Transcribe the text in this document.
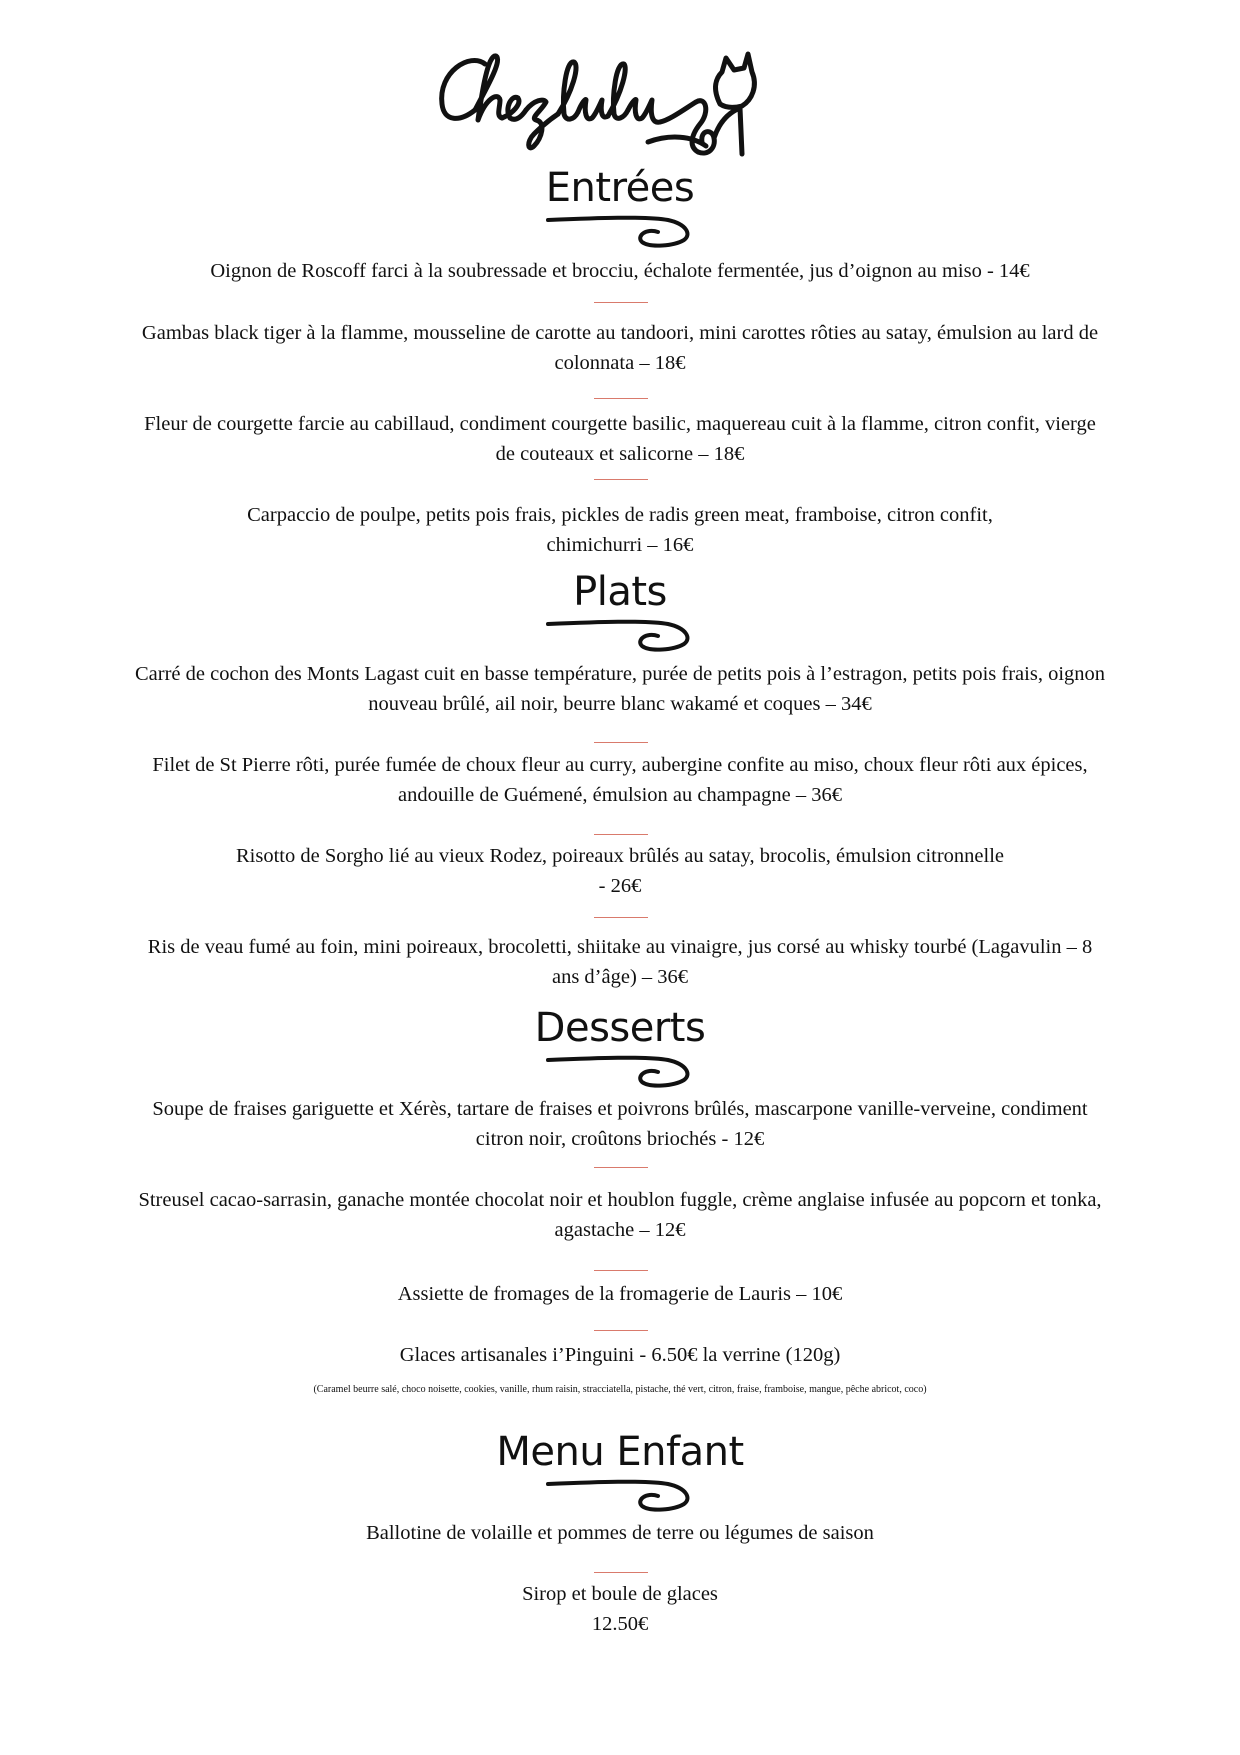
Entrées
Oignon de Roscoff farci à la soubressade et brocciu, échalote fermentée, jus d’oignon au miso - 14€
Gambas black tiger à la flamme, mousseline de carotte au tandoori, mini carottes rôties au satay, émulsion au lard de
colonnata – 18€
Fleur de courgette farcie au cabillaud, condiment courgette basilic, maquereau cuit à la flamme, citron confit, vierge
de couteaux et salicorne – 18€
Carpaccio de poulpe, petits pois frais, pickles de radis green meat, framboise, citron confit,
chimichurri – 16€
Plats
Carré de cochon des Monts Lagast cuit en basse température, purée de petits pois à l’estragon, petits pois frais, oignon
nouveau brûlé, ail noir, beurre blanc wakamé et coques – 34€
Filet de St Pierre rôti, purée fumée de choux fleur au curry, aubergine confite au miso, choux fleur rôti aux épices,
andouille de Guémené, émulsion au champagne – 36€
Risotto de Sorgho lié au vieux Rodez, poireaux brûlés au satay, brocolis, émulsion citronnelle
- 26€
Ris de veau fumé au foin, mini poireaux, brocoletti, shiitake au vinaigre, jus corsé au whisky tourbé (Lagavulin – 8
ans d’âge) – 36€
Desserts
Soupe de fraises gariguette et Xérès, tartare de fraises et poivrons brûlés, mascarpone vanille-verveine, condiment
citron noir, croûtons briochés - 12€
Streusel cacao-sarrasin, ganache montée chocolat noir et houblon fuggle, crème anglaise infusée au popcorn et tonka,
agastache – 12€
Assiette de fromages de la fromagerie de Lauris – 10€
Glaces artisanales i’Pinguini - 6.50€ la verrine (120g)
(Caramel beurre salé, choco noisette, cookies, vanille, rhum raisin, stracciatella, pistache, thé vert, citron, fraise, framboise, mangue, pêche abricot, coco)
Menu Enfant
Ballotine de volaille et pommes de terre ou légumes de saison
Sirop et boule de glaces
12.50€
